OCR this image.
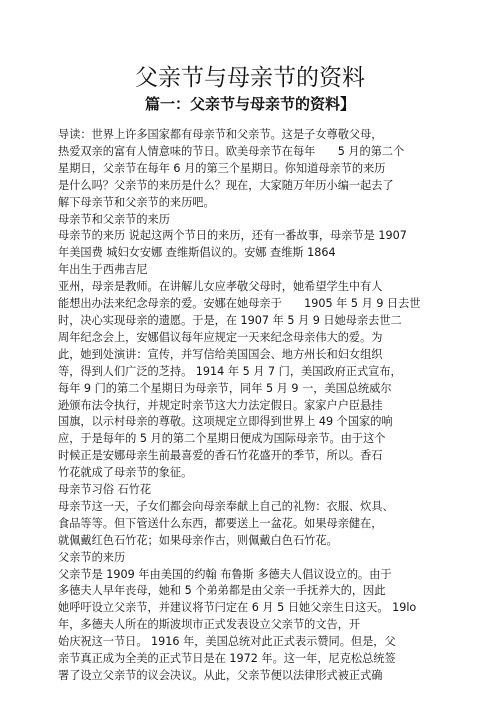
父亲节与母亲节的资料
篇一：父亲节与母亲节的资料】
导读：世界上许多国家都有母亲节和父亲节。这是子女尊敬父母，
热爱双亲的富有人情意味的节日。欧美母亲节在每年　　5 月的第二个
星期日，父亲节在每年 6 月的第三个星期日。你知道母亲节的来历
是什么吗？父亲节的来历是什么？现在，大家随万年历小编一起去了
解下母亲节和父亲节的来历吧。
母亲节和父亲节的来历
母亲节的来历 说起这两个节日的来历，还有一番故事，母亲节是 1907
年美国费 城妇女安娜 查维斯倡议的。安娜 查维斯 1864
年出生于西弗吉尼
亚州，母亲是教师。在讲解儿女应孝敬父母时，她希望学生中有人
能想出办法来纪念母亲的爱。安娜在她母亲于　　1905 年 5 月 9 日去世
时，决心实现母亲的遗愿。于是，在 1907 年 5 月 9 日她母亲去世二
周年纪念会上，安娜倡议每年应规定一天来纪念母亲伟大的爱。为
此，她到处演讲：宣传，并写信给美国国会、地方州长和妇女组织
等，得到人们广泛的芝持。 1914 年 5 月 7 门，美国政府正式宣布，
每年 9 门的第二个星期日为母亲节，同年 5 月 9 一，美国总统威尔
逊颁布法令执行，并规定时亲节这大力法定假日。家家户户臣悬挂
国旗，以示村母亲的尊敬。这项规定立即得到世界上 49 个国家的响
应，于是每年的 5 月的第二个星期日便成为国际母亲节。由于这个
时候正是安娜母亲生前最喜爱的香石竹花盛开的季节，所以。香石
竹花就成了母亲节的象征。
母亲节习俗 石竹花
母亲节这一天，子女们都会向母亲奉献上自己的礼物：衣服、炊具、
食品等等。但下管送什么东西，都要送上一盆花。如果母亲健在，
就佩戴红色石竹花；如果母亲作古，则佩戴白色石竹花。
父亲节的来历
父亲节是 1909 年由美国的约翰 布鲁斯 多德夫人倡议设立的。由于
多德夫人早年丧母，她和 5 个弟弟都是由父亲一手抚养大的，因此
她呼吁设立父亲节，并建议将节闩定在 6 月 5 日她父亲生日这天。 19lo
年，多德夫人所在的斯波坝市正式发表设立父亲节的文告，开
始庆祝这一节日。 1916 年，美国总统对此正式表示赞同。但是，父
亲节真正成为全美的正式节日是在 1972 年。这一年，尼克松总统签
署了设立父亲节的议会决议。从此，父亲节便以法律形式被正式确
